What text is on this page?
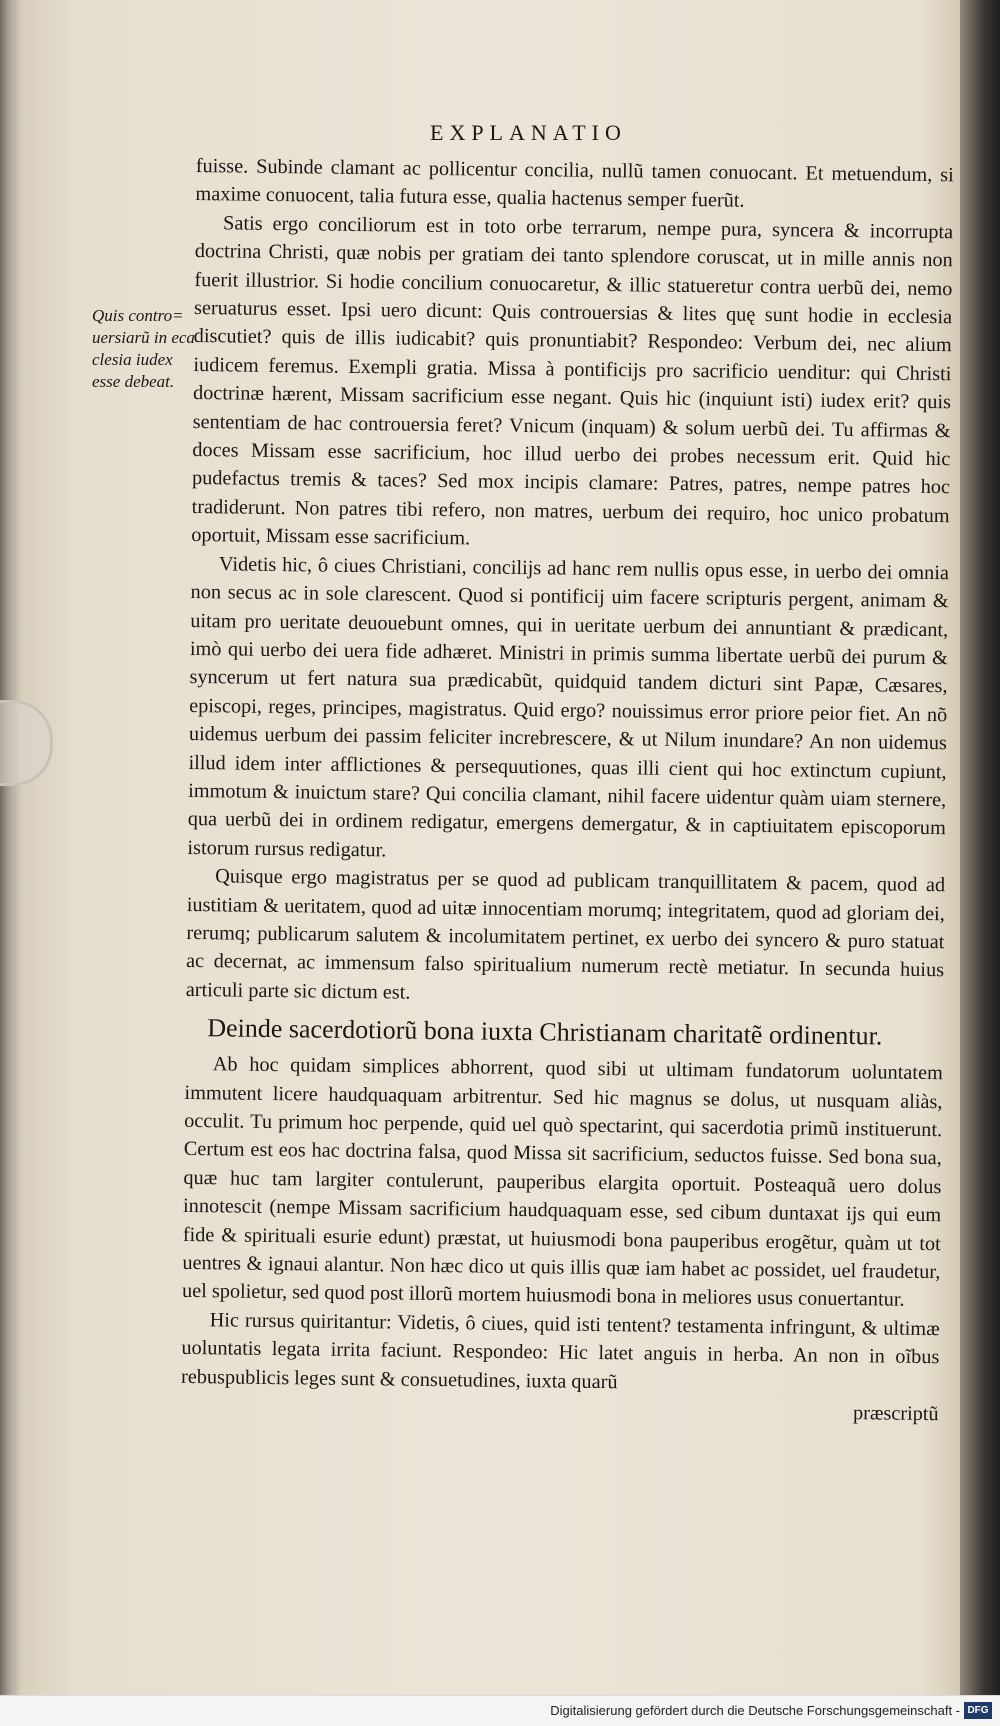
EXPLANATIO
Quis contro= uersiarũ in eca clesia iudex esse debeat.

fuisse. Subinde clamant ac pollicentur concilia, nullũ tamen conuocant. Et metuendum, si maxime conuocent, talia futura esse, qualia hactenus semper fuerũt.

Satis ergo conciliorum est in toto orbe terrarum, nempe pura, syncera & incorrupta doctrina Christi, quæ nobis per gratiam dei tanto splendore coruscat, ut in mille annis non fuerit illustrior. Si hodie concilium conuocaretur, & illic statueretur contra uerbũ dei, nemo seruaturus esset. Ipsi uero dicunt: Quis controuersias & lites quę sunt hodie in ecclesia discutiet? quis de illis iudicabit? quis pronuntiabit? Respondeo: Verbum dei, nec alium iudicem feremus. Exempli gratia. Missa à pontificijs pro sacrificio uenditur: qui Christi doctrinæ hærent, Missam sacrificium esse negant. Quis hic (inquiunt isti) iudex erit? quis sententiam de hac controuersia feret? Vnicum (inquam) & solum uerbũ dei. Tu affirmas & doces Missam esse sacrificium, hoc illud uerbo dei probes necessum erit. Quid hic pudefactus tremis & taces? Sed mox incipis clamare: Patres, patres, nempe patres hoc tradiderunt. Non patres tibi refero, non matres, uerbum dei requiro, hoc unico probatum oportuit, Missam esse sacrificium.

Videtis hic, ô ciues Christiani, concilijs ad hanc rem nullis opus esse, in uerbo dei omnia non secus ac in sole clarescent. Quod si pontificij uim facere scripturis pergent, animam & uitam pro ueritate deuouebunt omnes, qui in ueritate uerbum dei annuntiant & prædicant, imò qui uerbo dei uera fide adhæret. Ministri in primis summa libertate uerbũ dei purum & syncerum ut fert natura sua prædicabũt, quidquid tandem dicturi sint Papæ, Cæsares, episcopi, reges, principes, magistratus. Quid ergo? nouissimus error priore peior fiet. An nõ uidemus uerbum dei passim feliciter increbrescere, & ut Nilum inundare? An non uidemus illud idem inter afflictiones & persequutiones, quas illi cient qui hoc extinctum cupiunt, immotum & inuictum stare? Qui concilia clamant, nihil facere uidentur quàm uiam sternere, qua uerbũ dei in ordinem redigatur, emergens demergatur, & in captiuitatem episcoporum istorum rursus redigatur.

Quisque ergo magistratus per se quod ad publicam tranquillitatem & pacem, quod ad iustitiam & ueritatem, quod ad uitæ innocentiam morumq; integritatem, quod ad gloriam dei, rerumq; publicarum salutem & incolumitatem pertinet, ex uerbo dei syncero & puro statuat ac decernat, ac immensum falso spiritualium numerum rectè metiatur. In secunda huius articuli parte sic dictum est.

Deinde sacerdotiorũ bona iuxta Christianam charitatẽ ordinentur.

Ab hoc quidam simplices abhorrent, quod sibi ut ultimam fundatorum uoluntatem immutent licere haudquaquam arbitrentur. Sed hic magnus se dolus, ut nusquam aliàs, occulit. Tu primum hoc perpende, quid uel quò spectarint, qui sacerdotia primũ instituerunt. Certum est eos hac doctrina falsa, quod Missa sit sacrificium, seductos fuisse. Sed bona sua, quæ huc tam largiter contulerunt, pauperibus elargita oportuit. Posteaquã uero dolus innotescit (nempe Missam sacrificium haudquaquam esse, sed cibum duntaxat ijs qui eum fide & spirituali esurie edunt) præstat, ut huiusmodi bona pauperibus erogẽtur, quàm ut tot uentres & ignaui alantur. Non hæc dico ut quis illis quæ iam habet ac possidet, uel fraudetur, uel spolietur, sed quod post illorũ mortem huiusmodi bona in meliores usus conuertantur.

Hic rursus quiritantur: Videtis, ô ciues, quid isti tentent? testamenta infringunt, & ultimæ uoluntatis legata irrita faciunt. Respondeo: Hic latet anguis in herba. An non in oĩbus rebuspublicis leges sunt & consuetudines, iuxta quarũ

præscriptũ
Digitalisierung gefördert durch die Deutsche Forschungsgemeinschaft - DFG
